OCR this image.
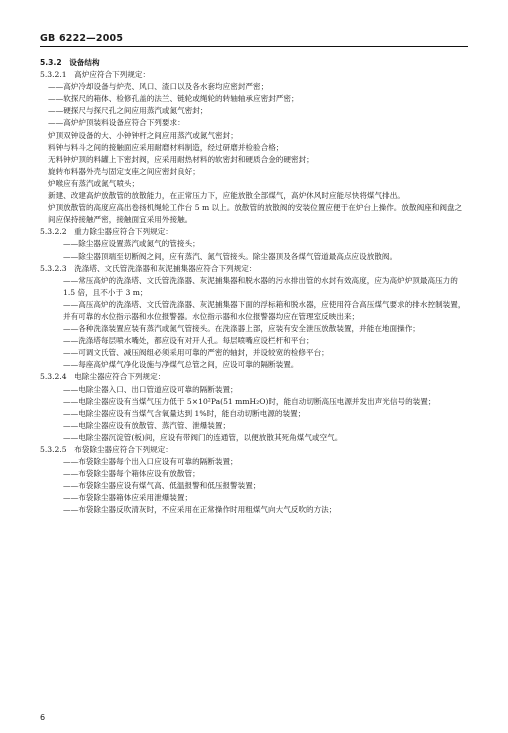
GB 6222—2005
5.3.2　设备结构
5.3.2.1　高炉应符合下列规定：
——高炉冷却设备与炉壳、风口、渣口以及各水套均应密封严密；
——软探尺的箱体、检修孔盖的法兰、链轮或绳轮的转轴轴承应密封严密；
——硬探尺与探尺孔之间应用蒸汽或氮气密封；
——高炉炉顶装料设备应符合下列要求：
炉顶双钟设备的大、小钟钟杆之间应用蒸汽或氮气密封；
料钟与料斗之间的接触面应采用耐磨材料制造，经过研磨并检验合格；
无料钟炉顶的料罐上下密封阀，应采用耐热材料的软密封和硬质合金的硬密封；
旋转布料器外壳与固定支座之间应密封良好；
炉喉应有蒸汽或氮气喷头；
新建、改建高炉放散管的放散能力，在正常压力下，应能放散全部煤气，高炉休风时应能尽快将煤气排出。
炉顶放散管的高度应高出卷扬机绳轮工作台 5 m 以上。放散管的放散阀的安装位置应便于在炉台上操作。放散阀座和阀盘之间应保持接触严密，接触面宜采用外接触。
5.3.2.2　重力除尘器应符合下列规定：
——除尘器应设置蒸汽或氮气的管接头；
——除尘器顶端至切断阀之间，应有蒸汽、氮气管接头。除尘器顶及各煤气管道最高点应设放散阀。
5.3.2.3　洗涤塔、文氏管洗涤器和灰泥捕集器应符合下列规定：
——常压高炉的洗涤塔、文氏管洗涤器、灰泥捕集器和脱水器的污水排出管的水封有效高度，应为高炉炉顶最高压力的 1.5 倍，且不小于 3 m；
——高压高炉的洗涤塔、文氏管洗涤器、灰泥捕集器下面的浮标箱和脱水器，应使用符合高压煤气要求的排水控制装置，并有可靠的水位指示器和水位报警器。水位指示器和水位报警器均应在管理室反映出来；
——各种洗涤装置应装有蒸汽或氮气管接头。在洗涤器上部，应装有安全泄压放散装置，并能在地面操作；
——洗涤塔每层喷水嘴处，都应设有对开人孔。每层喷嘴应设栏杆和平台；
——可调文氏管、减压阀组必须采用可靠的严密的轴封，并设较宽的检修平台；
——每座高炉煤气净化设施与净煤气总管之间，应设可靠的隔断装置。
5.3.2.4　电除尘器应符合下列规定：
——电除尘器入口、出口管道应设可靠的隔断装置；
——电除尘器应设有当煤气压力低于 5×10²Pa(51 mmH₂O)时，能自动切断高压电源并发出声光信号的装置；
——电除尘器应设有当煤气含氧量达到 1%时，能自动切断电源的装置；
——电除尘器应设有放散管、蒸汽管、泄爆装置；
——电除尘器沉淀管(板)间，应设有带阀门的连通管，以便放散其死角煤气或空气。
5.3.2.5　布袋除尘器应符合下列规定：
——布袋除尘器每个出入口应设有可靠的隔断装置；
——布袋除尘器每个箱体应设有放散管；
——布袋除尘器应设有煤气高、低温报警和低压报警装置；
——布袋除尘器箱体应采用泄爆装置；
——布袋除尘器反吹清灰时，不应采用在正常操作时用粗煤气向大气反吹的方法；
6
